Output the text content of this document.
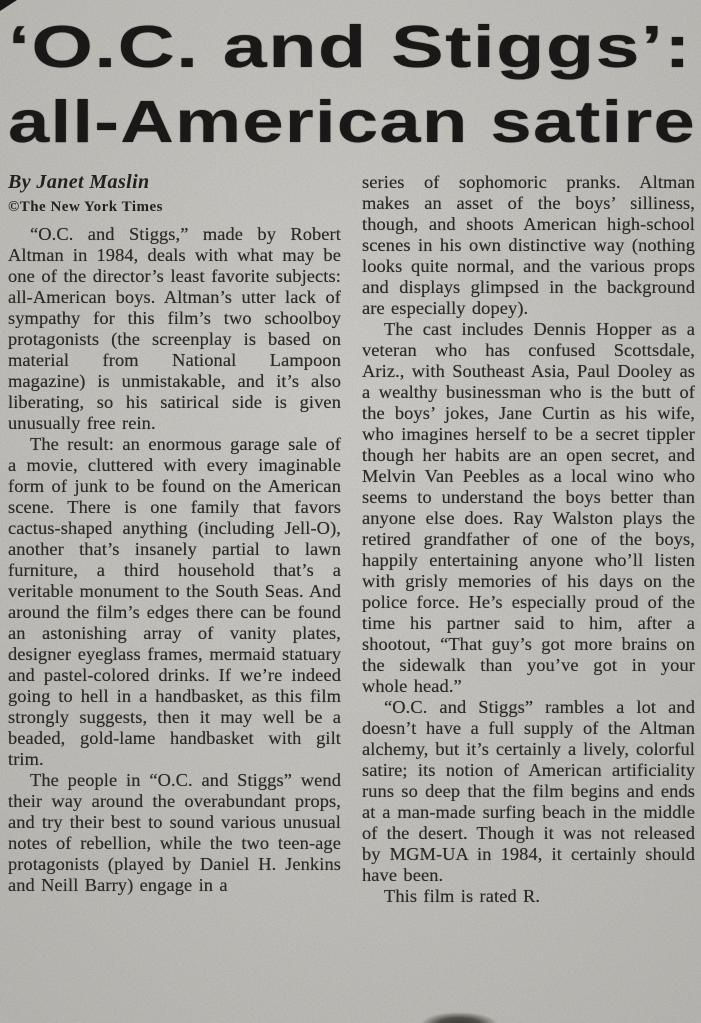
‘O.C. and Stiggs’:
all-American satire
By Janet Maslin
©The New York Times

“O.C. and Stiggs,” made by Robert Altman in 1984, deals with what may be one of the director’s least favorite subjects: all-American boys. Altman’s utter lack of sympathy for this film’s two schoolboy protagonists (the screenplay is based on material from National Lampoon magazine) is unmistakable, and it’s also liberating, so his satirical side is given unusually free rein.

The result: an enormous garage sale of a movie, cluttered with every imaginable form of junk to be found on the American scene. There is one family that favors cactus-shaped anything (including Jell-O), another that’s insanely partial to lawn furniture, a third household that’s a veritable monument to the South Seas. And around the film’s edges there can be found an astonishing array of vanity plates, designer eyeglass frames, mermaid statuary and pastel-colored drinks. If we’re indeed going to hell in a handbasket, as this film strongly suggests, then it may well be a beaded, gold-lame handbasket with gilt trim.

The people in “O.C. and Stiggs” wend their way around the overabundant props, and try their best to sound various unusual notes of rebellion, while the two teen-age protagonists (played by Daniel H. Jenkins and Neill Barry) engage in a

series of sophomoric pranks. Altman makes an asset of the boys’ silliness, though, and shoots American high-school scenes in his own distinctive way (nothing looks quite normal, and the various props and displays glimpsed in the background are especially dopey).

The cast includes Dennis Hopper as a veteran who has confused Scottsdale, Ariz., with Southeast Asia, Paul Dooley as a wealthy businessman who is the butt of the boys’ jokes, Jane Curtin as his wife, who imagines herself to be a secret tippler though her habits are an open secret, and Melvin Van Peebles as a local wino who seems to understand the boys better than anyone else does. Ray Walston plays the retired grandfather of one of the boys, happily entertaining anyone who’ll listen with grisly memories of his days on the police force. He’s especially proud of the time his partner said to him, after a shootout, “That guy’s got more brains on the sidewalk than you’ve got in your whole head.”

“O.C. and Stiggs” rambles a lot and doesn’t have a full supply of the Altman alchemy, but it’s certainly a lively, colorful satire; its notion of American artificiality runs so deep that the film begins and ends at a man-made surfing beach in the middle of the desert. Though it was not released by MGM-UA in 1984, it certainly should have been.

This film is rated R.
